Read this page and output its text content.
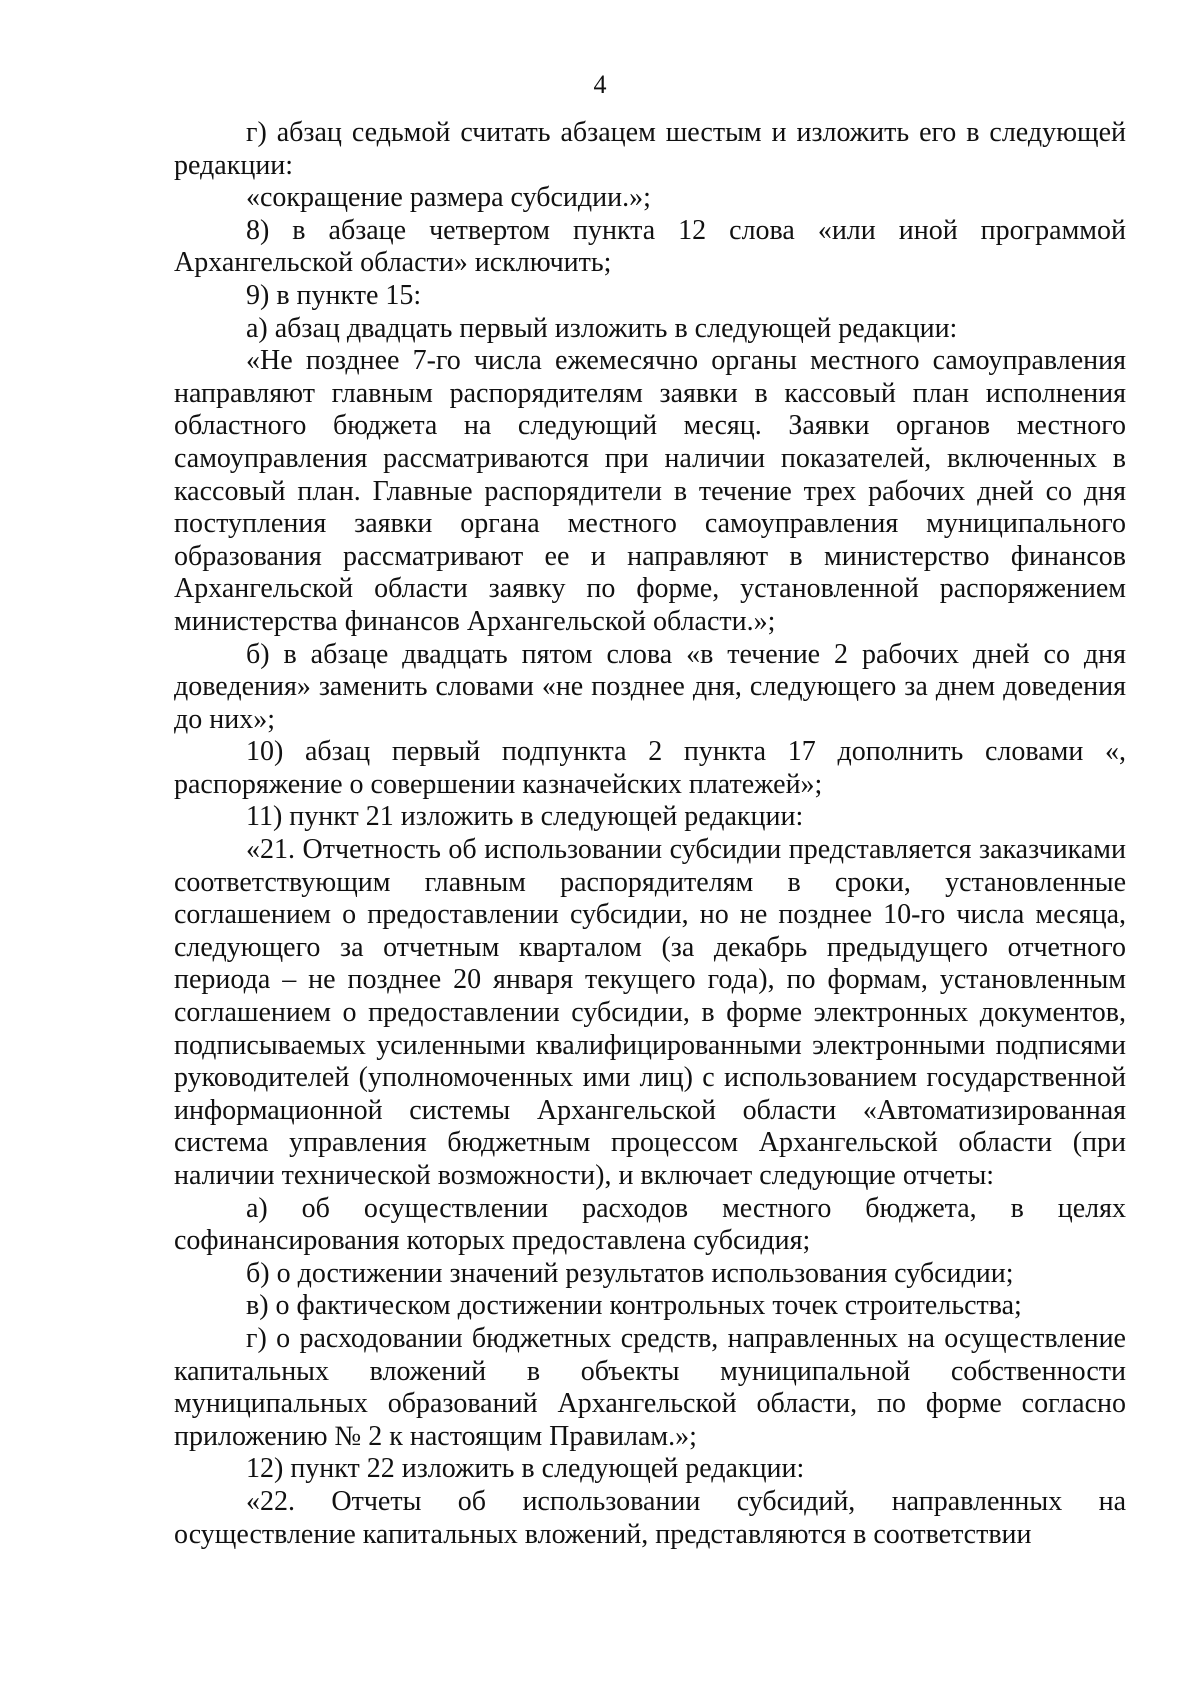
4

г) абзац седьмой считать абзацем шестым и изложить его в следующей редакции:

«сокращение размера субсидии.»;

8) в абзаце четвертом пункта 12 слова «или иной программой Архангельской области» исключить;

9) в пункте 15:

а) абзац двадцать первый изложить в следующей редакции:

«Не позднее 7-го числа ежемесячно органы местного самоуправления направляют главным распорядителям заявки в кассовый план исполнения областного бюджета на следующий месяц. Заявки органов местного самоуправления рассматриваются при наличии показателей, включенных в кассовый план. Главные распорядители в течение трех рабочих дней со дня поступления заявки органа местного самоуправления муниципального образования рассматривают ее и направляют в министерство финансов Архангельской области заявку по форме, установленной распоряжением министерства финансов Архангельской области.»;

б) в абзаце двадцать пятом слова «в течение 2 рабочих дней со дня доведения» заменить словами «не позднее дня, следующего за днем доведения до них»;

10) абзац первый подпункта 2 пункта 17 дополнить словами «, распоряжение о совершении казначейских платежей»;

11) пункт 21 изложить в следующей редакции:

«21. Отчетность об использовании субсидии представляется заказчиками соответствующим главным распорядителям в сроки, установленные соглашением о предоставлении субсидии, но не позднее 10-го числа месяца, следующего за отчетным кварталом (за декабрь предыдущего отчетного периода – не позднее 20 января текущего года), по формам, установленным соглашением о предоставлении субсидии, в форме электронных документов, подписываемых усиленными квалифицированными электронными подписями руководителей (уполномоченных ими лиц) с использованием государственной информационной системы Архангельской области «Автоматизированная система управления бюджетным процессом Архангельской области (при наличии технической возможности), и включает следующие отчеты:

а) об осуществлении расходов местного бюджета, в целях софинансирования которых предоставлена субсидия;

б) о достижении значений результатов использования субсидии;

в) о фактическом достижении контрольных точек строительства;

г) о расходовании бюджетных средств, направленных на осуществление капитальных вложений в объекты муниципальной собственности муниципальных образований Архангельской области, по форме согласно приложению № 2 к настоящим Правилам.»;

12) пункт 22 изложить в следующей редакции:

«22. Отчеты об использовании субсидий, направленных на осуществление капитальных вложений, представляются в соответствии
